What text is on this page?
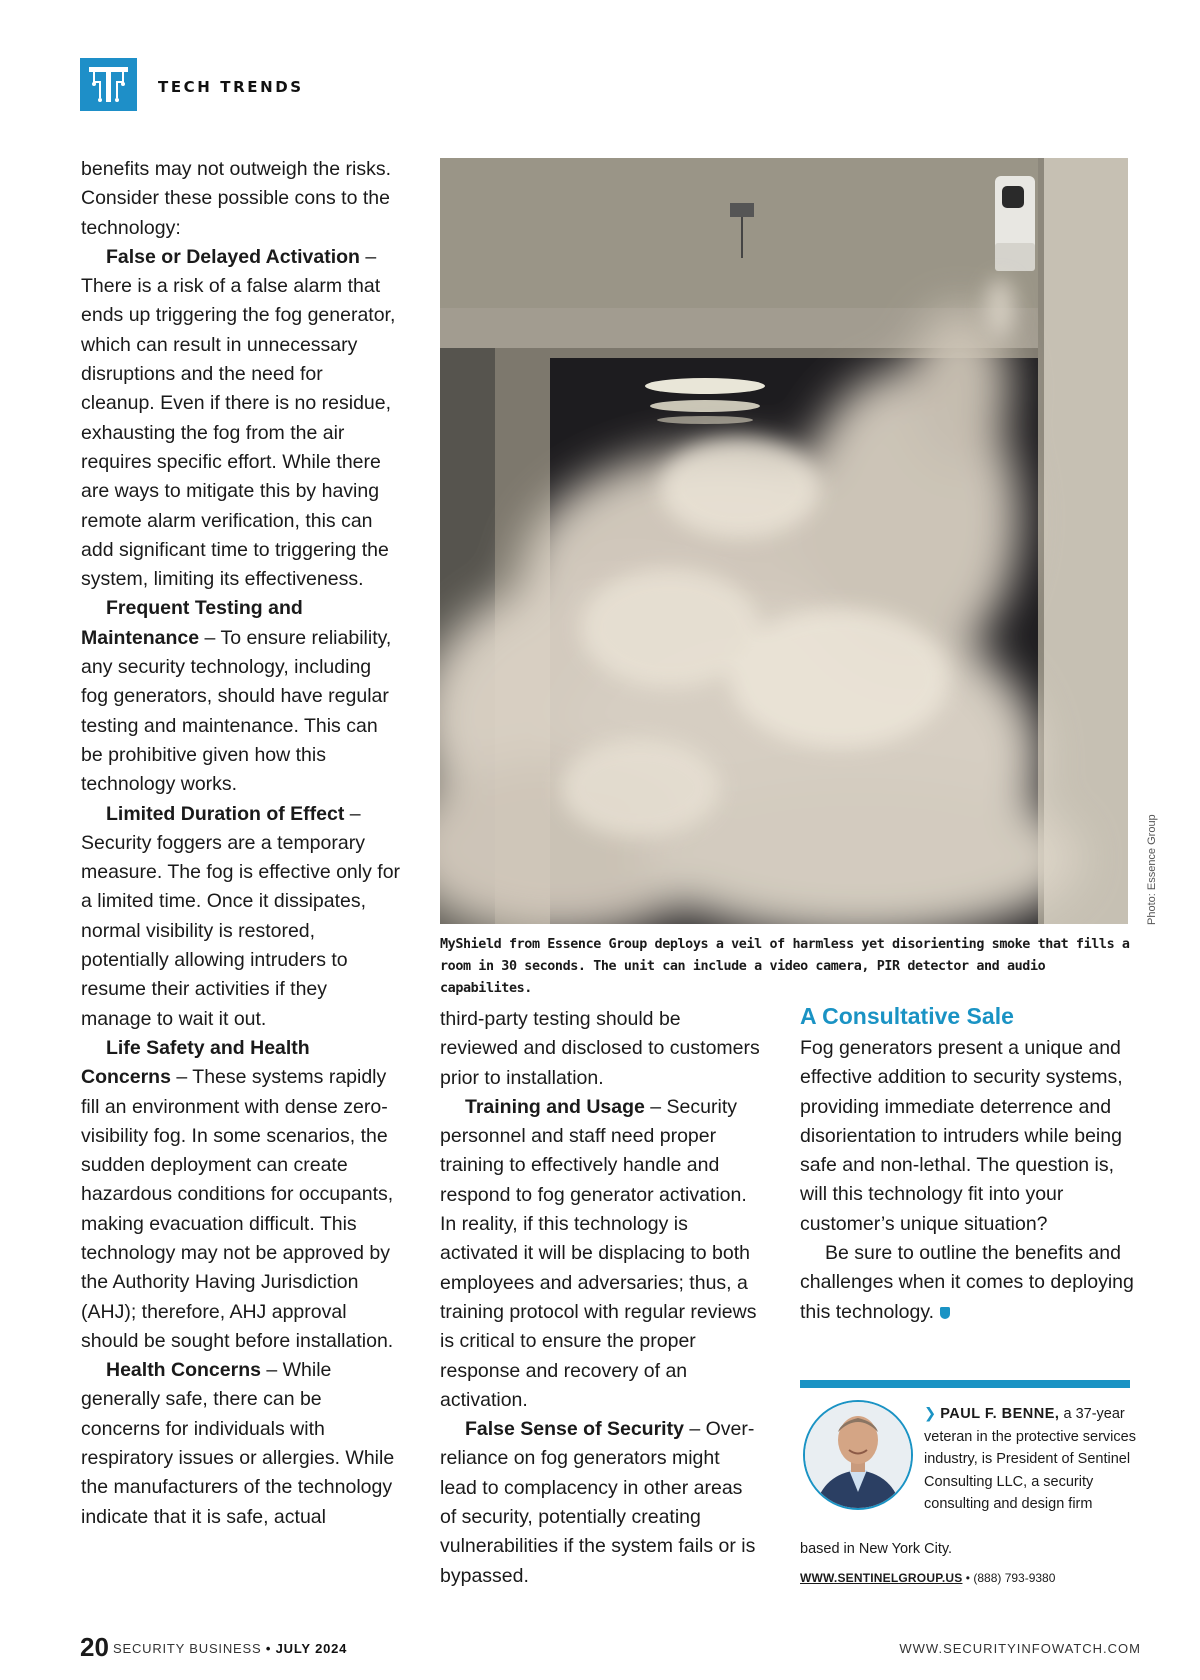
TECH TRENDS

benefits may not outweigh the risks. Consider these possible cons to the technology:

False or Delayed Activation – There is a risk of a false alarm that ends up triggering the fog generator, which can result in unnecessary disruptions and the need for cleanup. Even if there is no residue, exhausting the fog from the air requires specific effort. While there are ways to mitigate this by having remote alarm verification, this can add significant time to triggering the system, limiting its effectiveness.

Frequent Testing and Maintenance – To ensure reliability, any security technology, including fog generators, should have regular testing and maintenance. This can be prohibitive given how this technology works.

Limited Duration of Effect – Security foggers are a temporary measure. The fog is effective only for a limited time. Once it dissipates, normal visibility is restored, potentially allowing intruders to resume their activities if they manage to wait it out.

Life Safety and Health Concerns – These systems rapidly fill an environment with dense zero-visibility fog. In some scenarios, the sudden deployment can create hazardous conditions for occupants, making evacuation difficult. This technology may not be approved by the Authority Having Jurisdiction (AHJ); therefore, AHJ approval should be sought before installation.

Health Concerns – While generally safe, there can be concerns for individuals with respiratory issues or allergies. While the manufacturers of the technology indicate that it is safe, actual

Photo: Essence Group
MyShield from Essence Group deploys a veil of harmless yet disorienting smoke that fills a room in 30 seconds. The unit can include a video camera, PIR detector and audio capabilites.

third-party testing should be reviewed and disclosed to customers prior to installation.

Training and Usage – Security personnel and staff need proper training to effectively handle and respond to fog generator activation. In reality, if this technology is activated it will be displacing to both employees and adversaries; thus, a training protocol with regular reviews is critical to ensure the proper response and recovery of an activation.

False Sense of Security – Over-reliance on fog generators might lead to complacency in other areas of security, potentially creating vulnerabilities if the system fails or is bypassed.

A Consultative Sale

Fog generators present a unique and effective addition to security systems, providing immediate deterrence and disorientation to intruders while being safe and non-lethal. The question is, will this technology fit into your customer’s unique situation?

Be sure to outline the benefits and challenges when it comes to deploying this technology.

❯ PAUL F. BENNE, a 37-year veteran in the protective services industry, is President of Sentinel Consulting LLC, a security consulting and design firm
based in New York City.
WWW.SENTINELGROUP.US • (888) 793-9380
20 SECURITY BUSINESS • JULY 2024	WWW.SECURITYINFOWATCH.COM
